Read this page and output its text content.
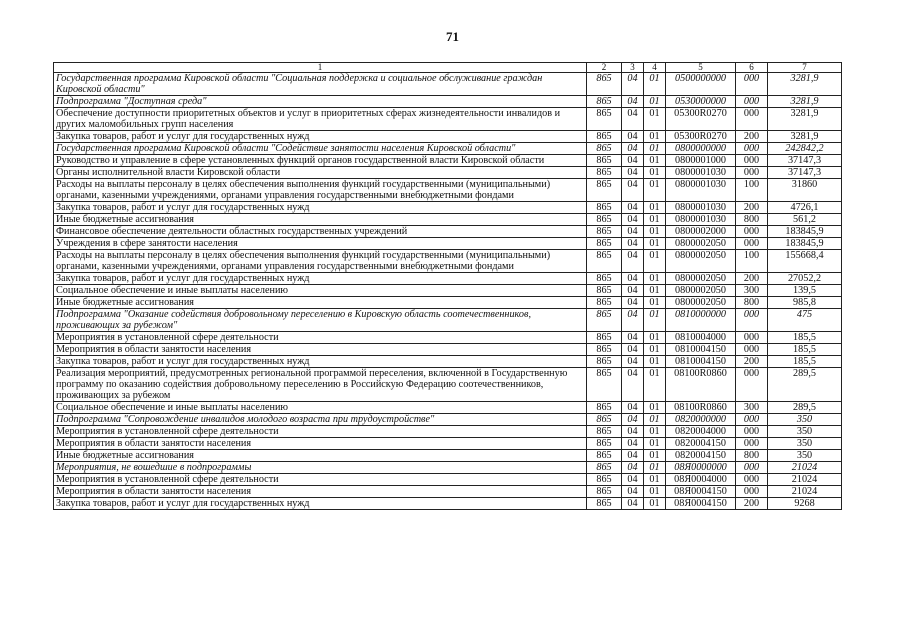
71
1	2	3	4	5	6	7
Государственная программа Кировской области "Социальная поддержка и социальное обслуживание граждан Кировской области"	865	04	01	0500000000	000	3281,9
Подпрограмма "Доступная среда"	865	04	01	0530000000	000	3281,9
Обеспечение доступности приоритетных объектов и услуг в приоритетных сферах жизнедеятельности инвалидов и других маломобильных групп населения	865	04	01	05300R0270	000	3281,9
Закупка товаров, работ и услуг для государственных нужд	865	04	01	05300R0270	200	3281,9
Государственная программа Кировской области "Содействие занятости населения Кировской области"	865	04	01	0800000000	000	242842,2
Руководство и управление в сфере установленных функций органов государственной власти Кировской области	865	04	01	0800001000	000	37147,3
Органы исполнительной власти Кировской области	865	04	01	0800001030	000	37147,3
Расходы на выплаты персоналу в целях обеспечения выполнения функций государственными (муниципальными) органами, казенными учреждениями, органами управления государственными внебюджетными фондами	865	04	01	0800001030	100	31860
Закупка товаров, работ и услуг для государственных нужд	865	04	01	0800001030	200	4726,1
Иные бюджетные ассигнования	865	04	01	0800001030	800	561,2
Финансовое обеспечение деятельности областных государственных учреждений	865	04	01	0800002000	000	183845,9
Учреждения в сфере занятости населения	865	04	01	0800002050	000	183845,9
Расходы на выплаты персоналу в целях обеспечения выполнения функций государственными (муниципальными) органами, казенными учреждениями, органами управления государственными внебюджетными фондами	865	04	01	0800002050	100	155668,4
Закупка товаров, работ и услуг для государственных нужд	865	04	01	0800002050	200	27052,2
Социальное обеспечение и иные выплаты населению	865	04	01	0800002050	300	139,5
Иные бюджетные ассигнования	865	04	01	0800002050	800	985,8
Подпрограмма "Оказание содействия добровольному переселению в Кировскую область соотечественников, проживающих за рубежом"	865	04	01	0810000000	000	475
Мероприятия в установленной сфере деятельности	865	04	01	0810004000	000	185,5
Мероприятия в области занятости населения	865	04	01	0810004150	000	185,5
Закупка товаров, работ и услуг для государственных нужд	865	04	01	0810004150	200	185,5
Реализация мероприятий, предусмотренных региональной программой переселения, включенной в Государственную программу по оказанию содействия добровольному переселению в Российскую Федерацию соотечественников, проживающих за рубежом	865	04	01	08100R0860	000	289,5
Социальное обеспечение и иные выплаты населению	865	04	01	08100R0860	300	289,5
Подпрограмма "Сопровождение инвалидов молодого возраста при трудоустройстве"	865	04	01	0820000000	000	350
Мероприятия в установленной сфере деятельности	865	04	01	0820004000	000	350
Мероприятия в области занятости населения	865	04	01	0820004150	000	350
Иные бюджетные ассигнования	865	04	01	0820004150	800	350
Мероприятия, не вошедшие в подпрограммы	865	04	01	08Я0000000	000	21024
Мероприятия в установленной сфере деятельности	865	04	01	08Я0004000	000	21024
Мероприятия в области занятости населения	865	04	01	08Я0004150	000	21024
Закупка товаров, работ и услуг для государственных нужд	865	04	01	08Я0004150	200	9268
